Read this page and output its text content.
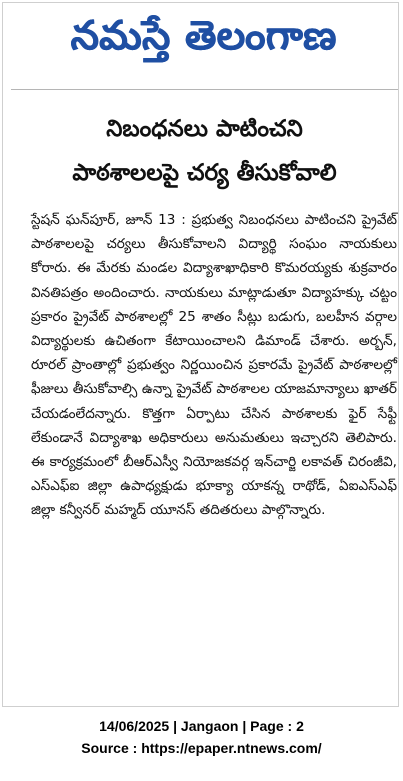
నమస్తే తెలంగాణ
నిబంధనలు పాటించని
పాఠశాలలపై చర్య తీసుకోవాలి
స్టేషన్ ఘన్‌పూర్, జూన్ 13 : ప్రభుత్వ నిబంధనలు పాటించని ప్రైవేట్ పాఠశాలలపై చర్యలు తీసుకోవాలని విద్యార్థి సంఘం నాయకులు కోరారు. ఈ మేరకు మండల విద్యాశాఖాధికారి కొమరయ్యకు శుక్రవారం వినతిపత్రం అందించారు. నాయకులు మాట్లాడుతూ విద్యాహక్కు చట్టం ప్రకారం ప్రైవేట్ పాఠశాలల్లో 25 శాతం సీట్లు బడుగు, బలహీన వర్గాల విద్యార్థులకు ఉచితంగా కేటాయించాలని డిమాండ్ చేశారు. అర్బన్, రూరల్ ప్రాంతాల్లో ప్రభుత్వం నిర్ణయించిన ప్రకారమే ప్రైవేట్ పాఠశాలల్లో ఫీజులు తీసుకోవాల్సి ఉన్నా ప్రైవేట్ పాఠశాలల యాజమాన్యాలు ఖాతర్ చేయడంలేదన్నారు. కొత్తగా ఏర్పాటు చేసిన పాఠశాలకు ఫైర్ సేఫ్టీ లేకుండానే విద్యాశాఖ అధికారులు అనుమతులు ఇచ్చారని తెలిపారు. ఈ కార్యక్రమంలో బీఆర్ఎస్వీ నియోజకవర్గ ఇన్‌చార్జి లకావత్ చిరంజీవి, ఎస్ఎఫ్ఐ జిల్లా ఉపాధ్యక్షుడు భూక్యా యాకన్న రాథోడ్, ఏఐఎస్ఎఫ్ జిల్లా కన్వీనర్ మహ్మద్ యూనస్ తదితరులు పాల్గొన్నారు.
14/06/2025 | Jangaon | Page : 2
Source : https://epaper.ntnews.com/
